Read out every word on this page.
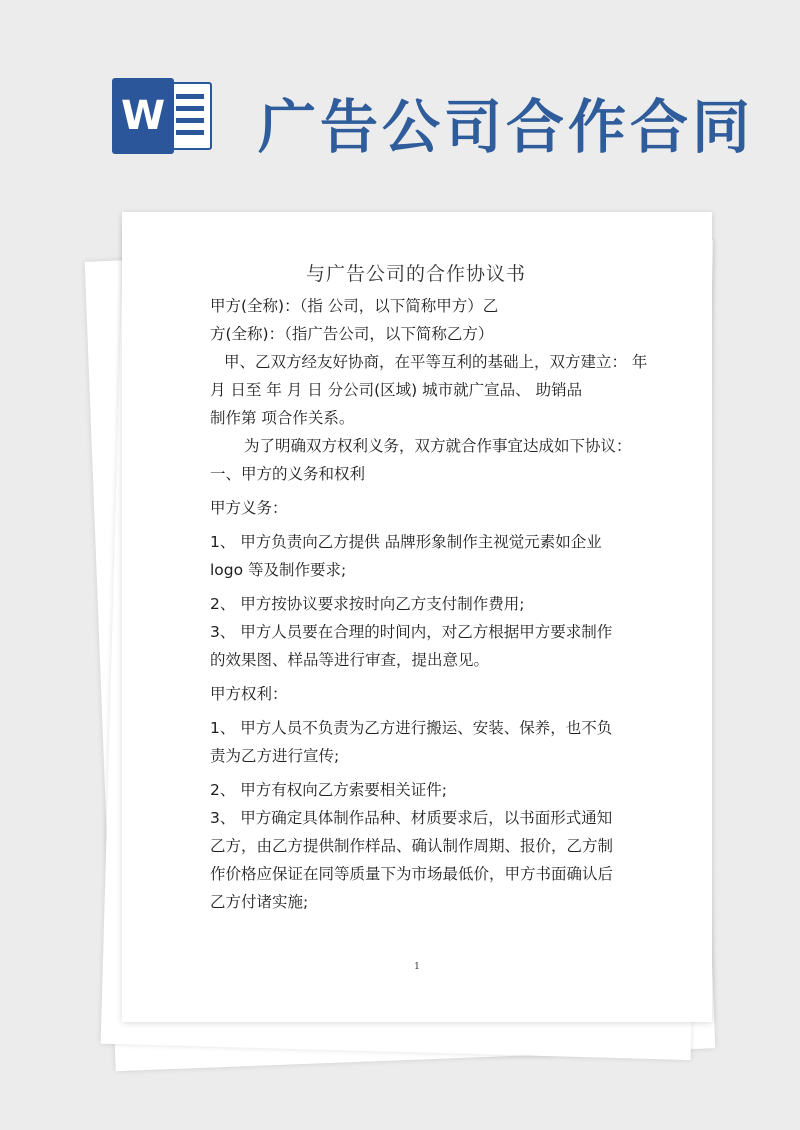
W 广告公司合作合同
与广告公司的合作协议书

甲方(全称)：（指 公司，以下简称甲方）乙

方(全称)：（指广告公司，以下简称乙方）

甲、乙双方经友好协商，在平等互利的基础上，双方建立： 年

月 日至 年 月 日 分公司(区域) 城市就广宣品、 助销品

制作第 项合作关系。

为了明确双方权利义务，双方就合作事宜达成如下协议：

一、甲方的义务和权利

甲方义务：

1、 甲方负责向乙方提供 品牌形象制作主视觉元素如企业

logo 等及制作要求;

2、 甲方按协议要求按时向乙方支付制作费用;

3、 甲方人员要在合理的时间内，对乙方根据甲方要求制作

的效果图、样品等进行审查，提出意见。

甲方权利：

1、 甲方人员不负责为乙方进行搬运、安装、保养，也不负

责为乙方进行宣传;

2、 甲方有权向乙方索要相关证件;

3、 甲方确定具体制作品种、材质要求后，以书面形式通知

乙方，由乙方提供制作样品、确认制作周期、报价，乙方制

作价格应保证在同等质量下为市场最低价，甲方书面确认后

乙方付诸实施;

1
